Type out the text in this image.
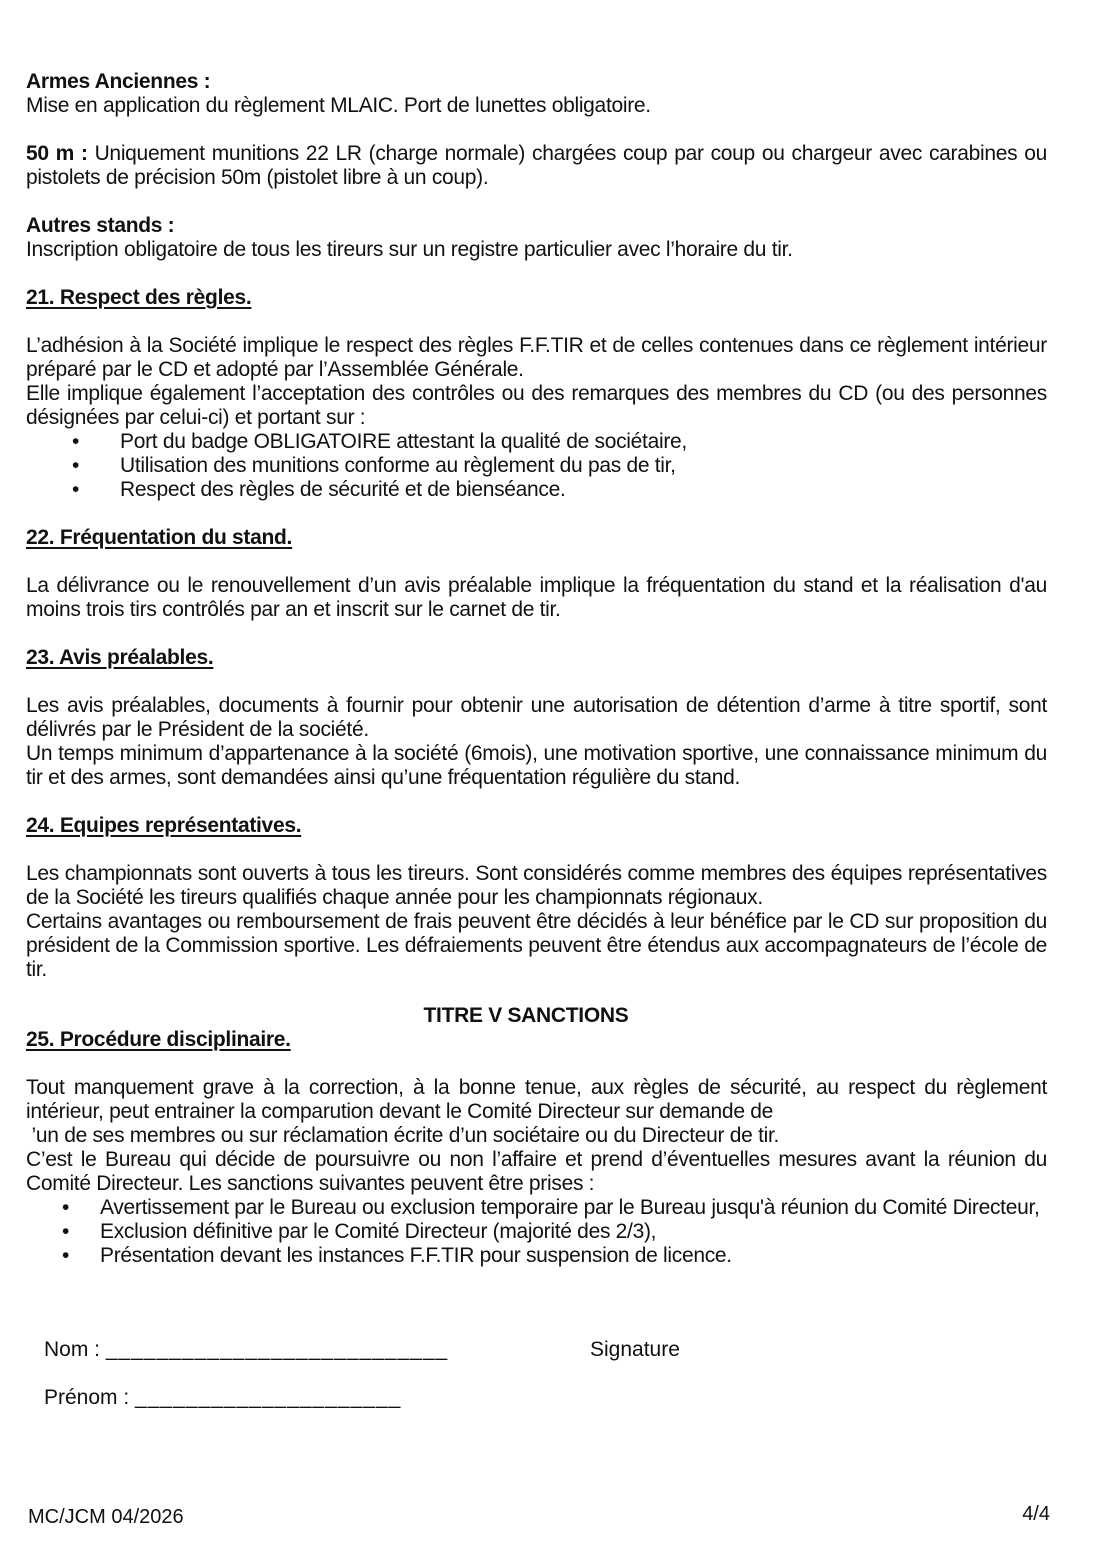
Armes Anciennes :

Mise en application du règlement MLAIC. Port de lunettes obligatoire.

50 m : Uniquement munitions 22 LR (charge normale) chargées coup par coup ou chargeur avec carabines ou pistolets de précision 50m (pistolet libre à un coup).

Autres stands :

Inscription obligatoire de tous les tireurs sur un registre particulier avec l’horaire du tir.

21. Respect des règles.

L’adhésion à la Société implique le respect des règles F.F.TIR et de celles contenues dans ce règlement intérieur préparé par le CD et adopté par l’Assemblée Générale.

Elle implique également l’acceptation des contrôles ou des remarques des membres du CD (ou des personnes désignées par celui-ci) et portant sur :

• Port du badge OBLIGATOIRE attestant la qualité de sociétaire,
• Utilisation des munitions conforme au règlement du pas de tir,
• Respect des règles de sécurité et de bienséance.
22. Fréquentation du stand.

La délivrance ou le renouvellement d’un avis préalable implique la fréquentation du stand et la réalisation d'au moins trois tirs contrôlés par an et inscrit sur le carnet de tir.

23. Avis préalables.

Les avis préalables, documents à fournir pour obtenir une autorisation de détention d’arme à titre sportif, sont délivrés par le Président de la société.

Un temps minimum d’appartenance à la société (6mois), une motivation sportive, une connaissance minimum du tir et des armes, sont demandées ainsi qu’une fréquentation régulière du stand.

24. Equipes représentatives.

Les championnats sont ouverts à tous les tireurs. Sont considérés comme membres des équipes représentatives de la Société les tireurs qualifiés chaque année pour les championnats régionaux.

Certains avantages ou remboursement de frais peuvent être décidés à leur bénéfice par le CD sur proposition du président de la Commission sportive. Les défraiements peuvent être étendus aux accompagnateurs de l’école de tir.

TITRE V SANCTIONS
25. Procédure disciplinaire.

Tout manquement grave à la correction, à la bonne tenue, aux règles de sécurité, au respect du règlement intérieur, peut entrainer la comparution devant le Comité Directeur sur demande de

’un de ses membres ou sur réclamation écrite d’un sociétaire ou du Directeur de tir.

C’est le Bureau qui décide de poursuivre ou non l’affaire et prend d’éventuelles mesures avant la réunion du Comité Directeur. Les sanctions suivantes peuvent être prises :

• Avertissement par le Bureau ou exclusion temporaire par le Bureau jusqu'à réunion du Comité Directeur,
• Exclusion définitive par le Comité Directeur (majorité des 2/3),
• Présentation devant les instances F.F.TIR pour suspension de licence.
Nom : ___________________________	Signature
Prénom : _____________________
MC/JCM 04/2026	4/4
